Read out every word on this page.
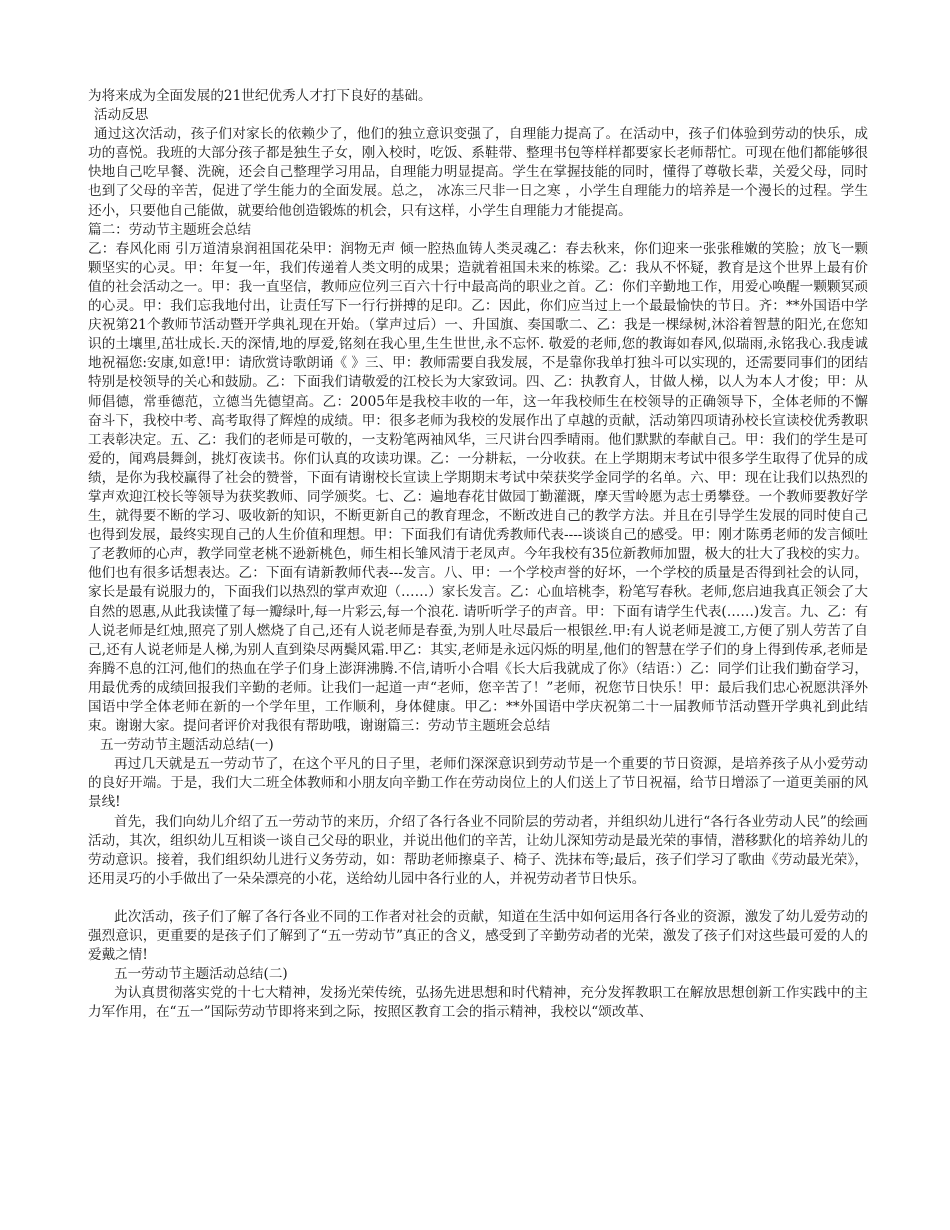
为将来成为全面发展的21世纪优秀人才打下良好的基础。

活动反思

通过这次活动，孩子们对家长的依赖少了，他们的独立意识变强了，自理能力提高了。在活动中，孩子们体验到劳动的快乐，成功的喜悦。我班的大部分孩子都是独生子女，刚入校时，吃饭、系鞋带、整理书包等样样都要家长老师帮忙。可现在他们都能够很快地自己吃早餐、洗碗，还会自己整理学习用品，自理能力明显提高。学生在掌握技能的同时，懂得了尊敬长辈，关爱父母，同时也到了父母的辛苦，促进了学生能力的全面发展。总之， 冰冻三尺非一日之寒 ，小学生自理能力的培养是一个漫长的过程。学生还小，只要他自己能做，就要给他创造锻炼的机会，只有这样，小学生自理能力才能提高。

篇二：劳动节主题班会总结

乙：春风化雨 引万道清泉润祖国花朵甲：润物无声 倾一腔热血铸人类灵魂乙：春去秋来，你们迎来一张张稚嫩的笑脸；放飞一颗颗坚实的心灵。甲：年复一年，我们传递着人类文明的成果；造就着祖国未来的栋梁。乙：我从不怀疑，教育是这个世界上最有价值的社会活动之一。甲：我一直坚信，教师应位列三百六十行中最高尚的职业之首。乙：你们辛勤地工作，用爱心唤醒一颗颗冥顽的心灵。甲：我们忘我地付出，让责任写下一行行拼搏的足印。乙：因此，你们应当过上一个最最愉快的节日。齐：**外国语中学庆祝第21个教师节活动暨开学典礼现在开始。（掌声过后）一、升国旗、奏国歌二、乙：我是一棵绿树,沐浴着智慧的阳光,在您知识的土壤里,茁壮成长.天的深情,地的厚爱,铭刻在我心里,生生世世,永不忘怀. 敬爱的老师,您的教诲如春风,似瑞雨,永铭我心.我虔诚地祝福您:安康,如意!甲：请欣赏诗歌朗诵《 》三、甲：教师需要自我发展，不是靠你我单打独斗可以实现的，还需要同事们的团结特别是校领导的关心和鼓励。乙：下面我们请敬爱的江校长为大家致词。四、乙：执教育人，甘做人梯，以人为本人才俊；甲：从师倡德，常垂德范，立德当先德望高。乙：2005年是我校丰收的一年，这一年我校师生在校领导的正确领导下，全体老师的不懈奋斗下，我校中考、高考取得了辉煌的成绩。甲：很多老师为我校的发展作出了卓越的贡献，活动第四项请孙校长宣读校优秀教职工表彰决定。五、乙：我们的老师是可敬的，一支粉笔两袖风华，三尺讲台四季晴雨。他们默默的奉献自己。甲：我们的学生是可爱的，闻鸡晨舞剑，挑灯夜读书。你们认真的攻读功课。乙：一分耕耘，一分收获。在上学期期末考试中很多学生取得了优异的成绩，是你为我校赢得了社会的赞誉，下面有请谢校长宣读上学期期末考试中荣获奖学金同学的名单。六、甲：现在让我们以热烈的掌声欢迎江校长等领导为获奖教师、同学颁奖。七、乙：遍地春花甘做园丁勤灌溉，摩天雪岭愿为志士勇攀登。一个教师要教好学生，就得要不断的学习、吸收新的知识，不断更新自己的教育理念，不断改进自己的教学方法。并且在引导学生发展的同时使自己也得到发展，最终实现自己的人生价值和理想。甲：下面我们有请优秀教师代表----谈谈自己的感受。甲：刚才陈勇老师的发言倾吐了老教师的心声，教学同堂老桃不逊新桃色，师生相长雏风清于老凤声。今年我校有35位新教师加盟，极大的壮大了我校的实力。他们也有很多话想表达。乙：下面有请新教师代表---发言。八、甲：一个学校声誉的好坏，一个学校的质量是否得到社会的认同，家长是最有说服力的，下面我们以热烈的掌声欢迎（……）家长发言。乙：心血培桃李，粉笔写春秋。老师,您启迪我真正领会了大自然的恩惠,从此我读懂了每一瓣绿叶,每一片彩云,每一个浪花. 请听听学子的声音。甲：下面有请学生代表(……)发言。九、乙：有人说老师是红烛,照亮了别人燃烧了自己,还有人说老师是春蚕,为别人吐尽最后一根银丝.甲:有人说老师是渡工,方便了别人劳苦了自己,还有人说老师是人梯,为别人直到染尽两鬓风霜.甲乙：其实,老师是永远闪烁的明星,他们的智慧在学子们的身上得到传承,老师是奔腾不息的江河,他们的热血在学子们身上澎湃沸腾.不信,请听小合唱《长大后我就成了你》（结语：）乙：同学们让我们勤奋学习，用最优秀的成绩回报我们辛勤的老师。让我们一起道一声“老师，您辛苦了！”老师，祝您节日快乐！甲：最后我们忠心祝愿洪泽外国语中学全体老师在新的一个学年里，工作顺利，身体健康。甲乙：**外国语中学庆祝第二十一届教师节活动暨开学典礼到此结束。谢谢大家。提问者评价对我很有帮助哦，谢谢篇三：劳动节主题班会总结

五一劳动节主题活动总结(一)

再过几天就是五一劳动节了，在这个平凡的日子里，老师们深深意识到劳动节是一个重要的节日资源，是培养孩子从小爱劳动的良好开端。于是，我们大二班全体教师和小朋友向辛勤工作在劳动岗位上的人们送上了节日祝福，给节日增添了一道更美丽的风景线!

首先，我们向幼儿介绍了五一劳动节的来历，介绍了各行各业不同阶层的劳动者，并组织幼儿进行“各行各业劳动人民”的绘画活动，其次，组织幼儿互相谈一谈自己父母的职业，并说出他们的辛苦，让幼儿深知劳动是最光荣的事情，潜移默化的培养幼儿的劳动意识。接着，我们组织幼儿进行义务劳动，如：帮助老师擦桌子、椅子、洗抹布等;最后，孩子们学习了歌曲《劳动最光荣》，还用灵巧的小手做出了一朵朵漂亮的小花，送给幼儿园中各行业的人，并祝劳动者节日快乐。

此次活动，孩子们了解了各行各业不同的工作者对社会的贡献，知道在生活中如何运用各行各业的资源，激发了幼儿爱劳动的强烈意识，更重要的是孩子们了解到了“五一劳动节”真正的含义，感受到了辛勤劳动者的光荣，激发了孩子们对这些最可爱的人的爱戴之情!

五一劳动节主题活动总结(二)

为认真贯彻落实党的十七大精神，发扬光荣传统，弘扬先进思想和时代精神，充分发挥教职工在解放思想创新工作实践中的主力军作用，在“五一”国际劳动节即将来到之际，按照区教育工会的指示精神，我校以“颂改革、
